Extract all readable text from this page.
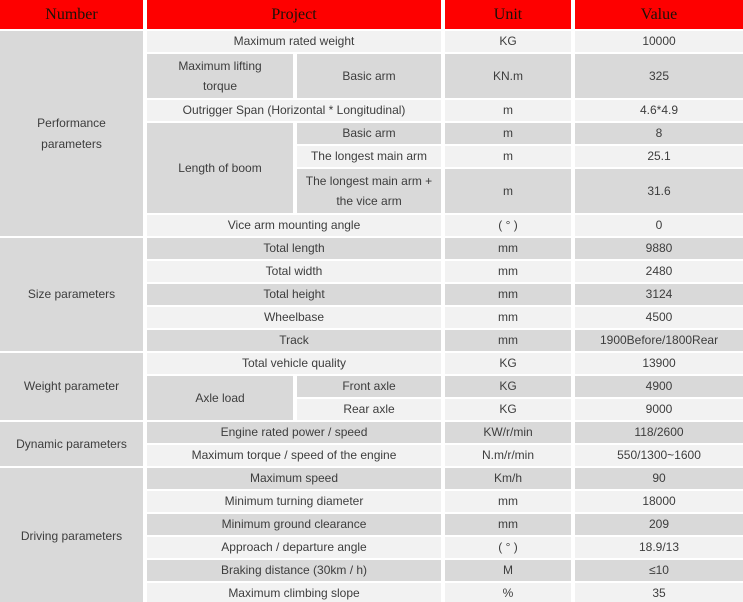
Number	Project		Unit	Value
Performance parameters	Maximum rated weight		KG	10000
	Maximum lifting torque	Basic arm	KN.m	325
	Outrigger Span (Horizontal * Longitudinal)		m	4.6*4.9
	Length of boom	Basic arm	m	8
		The longest main arm	m	25.1
		The longest main arm + the vice arm	m	31.6
	Vice arm mounting angle		( ° )	0
Size parameters	Total length		mm	9880
	Total width		mm	2480
	Total height		mm	3124
	Wheelbase		mm	4500
	Track		mm	1900Before/1800Rear
Weight parameter	Total vehicle quality		KG	13900
	Axle load	Front axle	KG	4900
		Rear axle	KG	9000
Dynamic parameters	Engine rated power / speed		KW/r/min	118/2600
	Maximum torque / speed of the engine		N.m/r/min	550/1300~1600
Driving parameters	Maximum speed		Km/h	90
	Minimum turning diameter		mm	18000
	Minimum ground clearance		mm	209
	Approach / departure angle		( ° )	18.9/13
	Braking distance (30km / h)		M	≤10
	Maximum climbing slope		%	35
